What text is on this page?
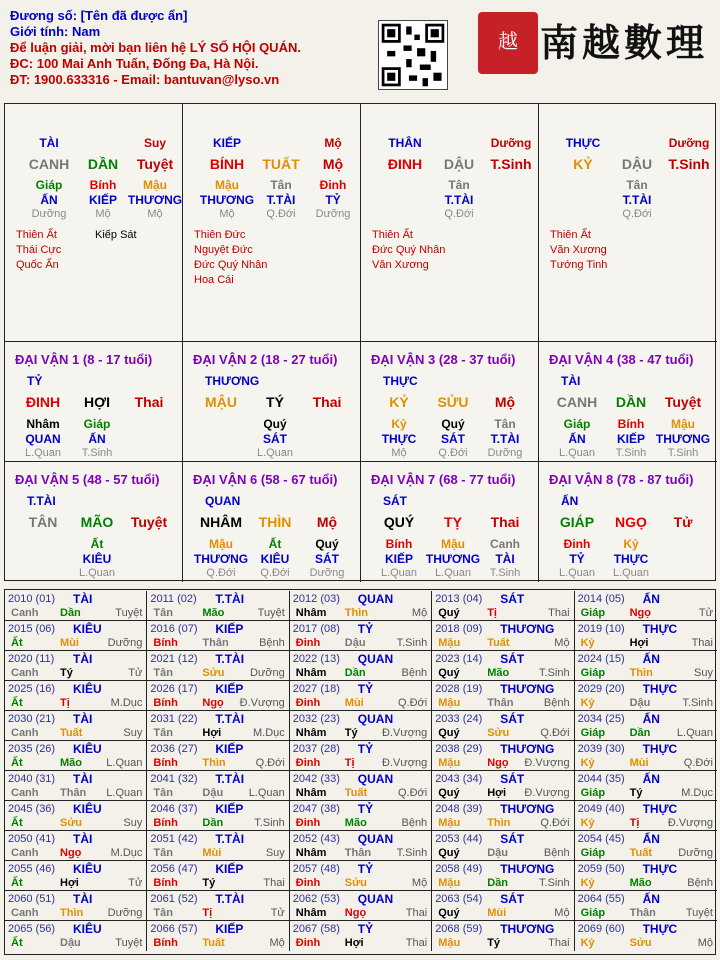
Đương số: [Tên đã được ẩn]
Giới tính: Nam
Để luận giải, mời bạn liên hệ LÝ SỐ HỘI QUÁN.
ĐC: 100 Mai Anh Tuấn, Đống Đa, Hà Nội.
ĐT: 1900.633316 - Email: bantuvan@lyso.vn
越 南越數理
TÀI	Suy
CANH DẦN Tuyệt
Giáp Bính Mậu
ẤN	KIẾP THƯƠNG
Dưỡng	Mộ	Mộ
Thiên Ất
Thái Cực
Quốc Ấn
Kiếp Sát
KIẾP	Mộ
BÍNH TUẤT Mộ
Mậu	Tân Đinh
THƯƠNG T.TÀI TỶ
Mộ	Q.Đới Dưỡng
Thiên Đức
Nguyệt Đức
Đức Quý Nhân
Hoa Cái
THÂN	Dưỡng
ĐINH DẬU T.Sinh
Tân
T.TÀI
Q.Đới
Thiên Ất
Đức Quý Nhân
Văn Xương
THỰC	Dưỡng
KỶ DẬU T.Sinh
Tân
T.TÀI
Q.Đới
Thiên Ất
Văn Xương
Tướng Tinh
ĐẠI VẬN 1 (8 - 17 tuổi)
TỶ
ĐINH HỢI Thai
Nhâm Giáp
QUAN ẤN
L.Quan T.Sinh
ĐẠI VẬN 2 (18 - 27 tuổi)
THƯƠNG
MẬU TÝ Thai
Quý
SÁT
L.Quan
ĐẠI VẬN 3 (28 - 37 tuổi)
THỰC
KỶ SỬU Mộ
Kỷ	Quý Tân
THỰC SÁT T.TÀI
Mộ	Q.Đới Dưỡng
ĐẠI VẬN 4 (38 - 47 tuổi)
TÀI
CANH DẦN Tuyệt
Giáp Bính Mậu
ẤN	KIẾP THƯƠNG
L.Quan T.Sinh T.Sinh
ĐẠI VẬN 5 (48 - 57 tuổi)
T.TÀI
TÂN MÃO Tuyệt
Ất
KIÊU
L.Quan
ĐẠI VẬN 6 (58 - 67 tuổi)
QUAN
NHÂM THÌN Mộ
Mậu	Ất	Quý
THƯƠNG KIÊU SÁT
Q.Đới Q.Đới Dưỡng
ĐẠI VẬN 7 (68 - 77 tuổi)
SÁT
QUÝ TỴ Thai
Bính Mậu Canh
KIẾP THƯƠNG TÀI
L.Quan L.Quan T.Sinh
ĐẠI VẬN 8 (78 - 87 tuổi)
ẤN
GIÁP NGỌ Tử
Đinh	Kỷ
TỶ THỰC
L.Quan L.Quan
2010 (01) TÀI
Canh Dần	Tuyệt
2011 (02) T.TÀI
Tân	Mão	Tuyệt
2012 (03) QUAN
Nhâm Thìn	Mộ
2013 (04) SÁT
Quý	Tị	Thai
2014 (05) ẤN
Giáp Ngọ	Tử
2015 (06) KIÊU
Ất	Mùi	Dưỡng
2016 (07) KIẾP
Bính Thân	Bệnh
2017 (08) TỶ
Đinh Dậu	T.Sinh
2018 (09) THƯƠNG
Mậu Tuất	Mộ
2019 (10) THỰC
Kỷ	Hợi	Thai
2020 (11) TÀI
Canh Tý	Tử
2021 (12) T.TÀI
Tân	Sửu Dưỡng
2022 (13) QUAN
Nhâm Dần	Bệnh
2023 (14) SÁT
Quý	Mão	T.Sinh
2024 (15) ẤN
Giáp Thìn	Suy
2025 (16) KIÊU
Ất	Tị	M.Dục
2026 (17) KIẾP
Bính Ngọ Đ.Vượng
2027 (18) TỶ
Đinh Mùi	Q.Đới
2028 (19) THƯƠNG
Mậu Thân	Bệnh
2029 (20) THỰC
Kỷ	Dậu	T.Sinh
2030 (21) TÀI
Canh Tuất	Suy
2031 (22) T.TÀI
Tân	Hợi	M.Dục
2032 (23) QUAN
Nhâm Tý Đ.Vượng
2033 (24) SÁT
Quý	Sửu	Q.Đới
2034 (25) ẤN
Giáp Dần L.Quan
2035 (26) KIÊU
Ất	Mão L.Quan
2036 (27) KIẾP
Bính Thìn	Q.Đới
2037 (28) TỶ
Đinh Tị Đ.Vượng
2038 (29) THƯƠNG
Mậu Ngọ Đ.Vượng
2039 (30) THỰC
Kỷ	Mùi	Q.Đới
2040 (31) TÀI
Canh Thân L.Quan
2041 (32) T.TÀI
Tân	Dậu L.Quan
2042 (33) QUAN
Nhâm Tuất	Q.Đới
2043 (34) SÁT
Quý	Hợi Đ.Vượng
2044 (35) ẤN
Giáp Tý	M.Dục
2045 (36) KIÊU
Ất	Sửu	Suy
2046 (37) KIẾP
Bính Dần	T.Sinh
2047 (38) TỶ
Đinh Mão	Bệnh
2048 (39) THƯƠNG
Mậu Thìn	Q.Đới
2049 (40) THỰC
Kỷ	Tị	Đ.Vượng
2050 (41) TÀI
Canh Ngọ	M.Dục
2051 (42) T.TÀI
Tân	Mùi	Suy
2052 (43) QUAN
Nhâm Thân T.Sinh
2053 (44) SÁT
Quý	Dậu	Bệnh
2054 (45) ẤN
Giáp Tuất Dưỡng
2055 (46) KIÊU
Ất	Hợi	Tử
2056 (47) KIẾP
Bính Tý	Thai
2057 (48) TỶ
Đinh Sửu	Mộ
2058 (49) THƯƠNG
Mậu Dần	T.Sinh
2059 (50) THỰC
Kỷ	Mão	Bệnh
2060 (51) TÀI
Canh Thìn Dưỡng
2061 (52) T.TÀI
Tân	Tị	Tử
2062 (53) QUAN
Nhâm Ngọ	Thai
2063 (54) SÁT
Quý	Mùi	Mộ
2064 (55) ẤN
Giáp Thân	Tuyệt
2065 (56) KIÊU
Ất	Dậu	Tuyệt
2066 (57) KIẾP
Bính Tuất	Mộ
2067 (58) TỶ
Đinh Hợi	Thai
2068 (59) THƯƠNG
Mậu Tý	Thai
2069 (60) THỰC
Kỷ	Sửu	Mộ
